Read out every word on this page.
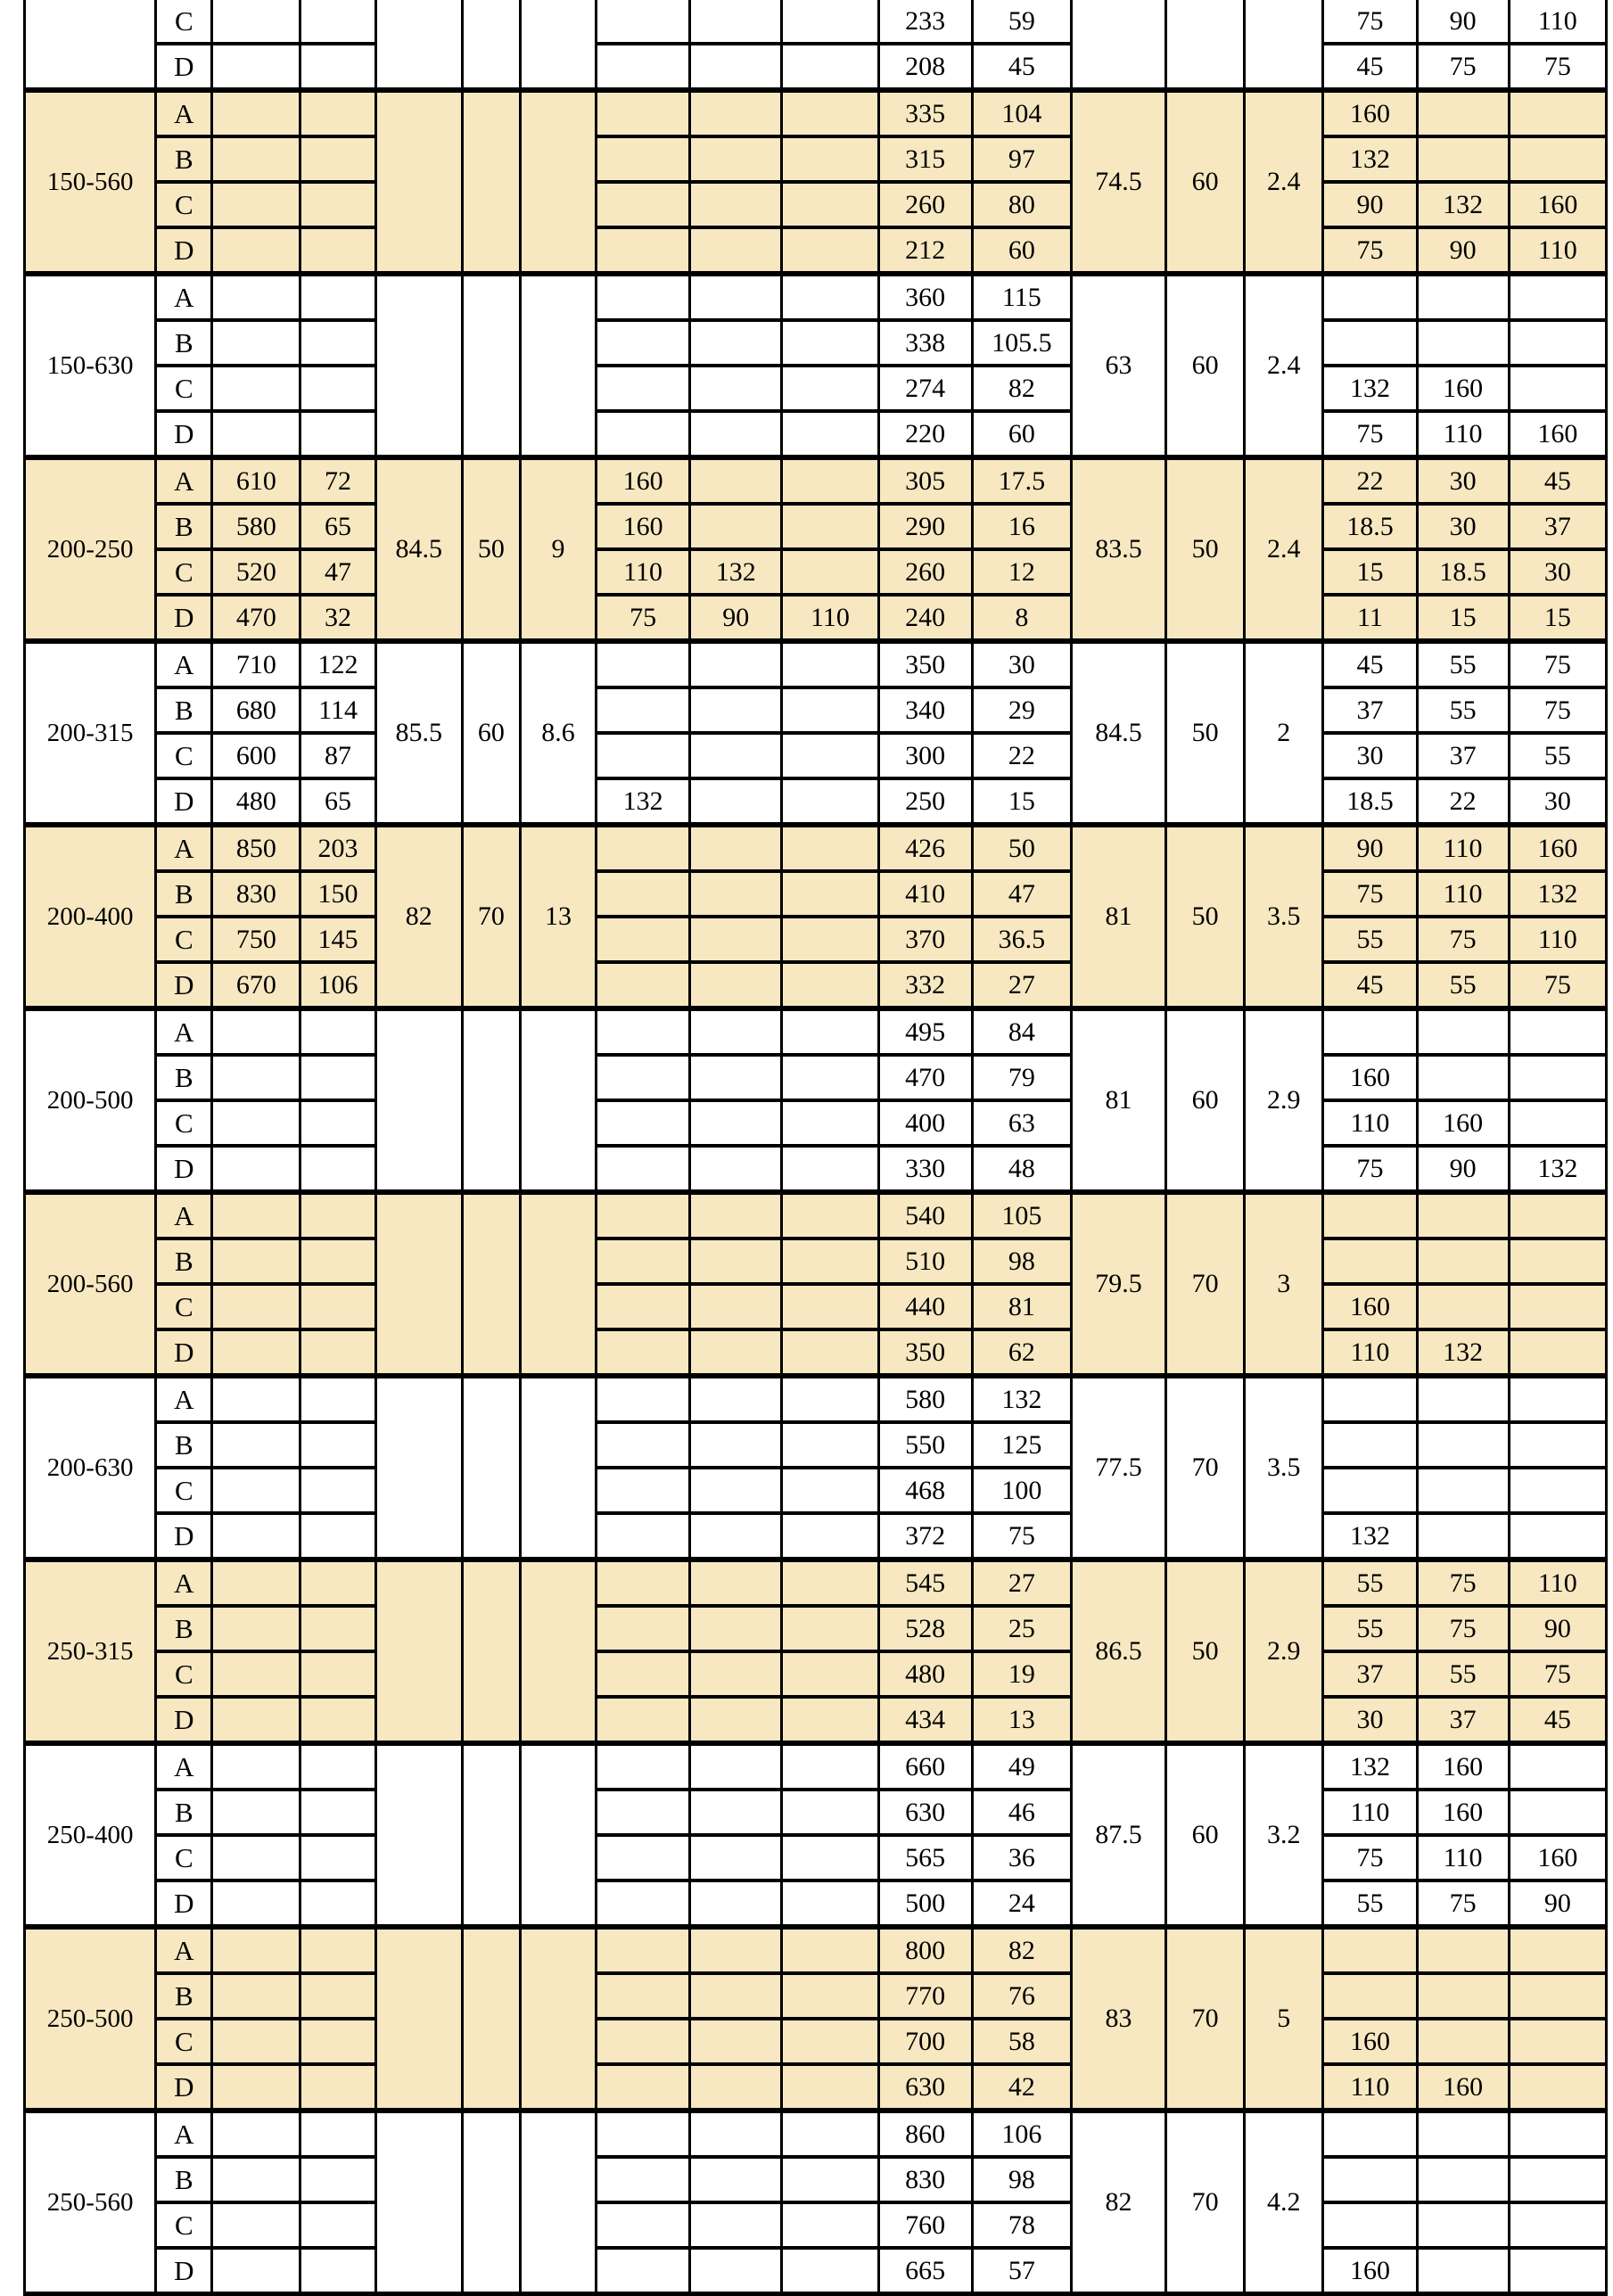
	C									233	59				75	90	110
	D									208	45				45	75	75
150-560	A									335	104	74.5	60	2.4	160		
	B									315	97				132		
	C									260	80				90	132	160
	D									212	60				75	90	110
150-630	A									360	115	63	60	2.4			
	B									338	105.5						
	C									274	82				132	160	
	D									220	60				75	110	160
200-250	A	610	72	84.5	50	9	160			305	17.5	83.5	50	2.4	22	30	45
	B	580	65				160			290	16				18.5	30	37
	C	520	47				110	132		260	12				15	18.5	30
	D	470	32				75	90	110	240	8				11	15	15
200-315	A	710	122	85.5	60	8.6				350	30	84.5	50	2	45	55	75
	B	680	114							340	29				37	55	75
	C	600	87							300	22				30	37	55
	D	480	65				132			250	15				18.5	22	30
200-400	A	850	203	82	70	13				426	50	81	50	3.5	90	110	160
	B	830	150							410	47				75	110	132
	C	750	145							370	36.5				55	75	110
	D	670	106							332	27				45	55	75
200-500	A									495	84	81	60	2.9			
	B									470	79				160		
	C									400	63				110	160	
	D									330	48				75	90	132
200-560	A									540	105	79.5	70	3			
	B									510	98						
	C									440	81				160		
	D									350	62				110	132	
200-630	A									580	132	77.5	70	3.5			
	B									550	125						
	C									468	100						
	D									372	75				132		
250-315	A									545	27	86.5	50	2.9	55	75	110
	B									528	25				55	75	90
	C									480	19				37	55	75
	D									434	13				30	37	45
250-400	A									660	49	87.5	60	3.2	132	160	
	B									630	46				110	160	
	C									565	36				75	110	160
	D									500	24				55	75	90
250-500	A									800	82	83	70	5			
	B									770	76						
	C									700	58				160		
	D									630	42				110	160	
250-560	A									860	106	82	70	4.2			
	B									830	98						
	C									760	78						
	D									665	57				160		
